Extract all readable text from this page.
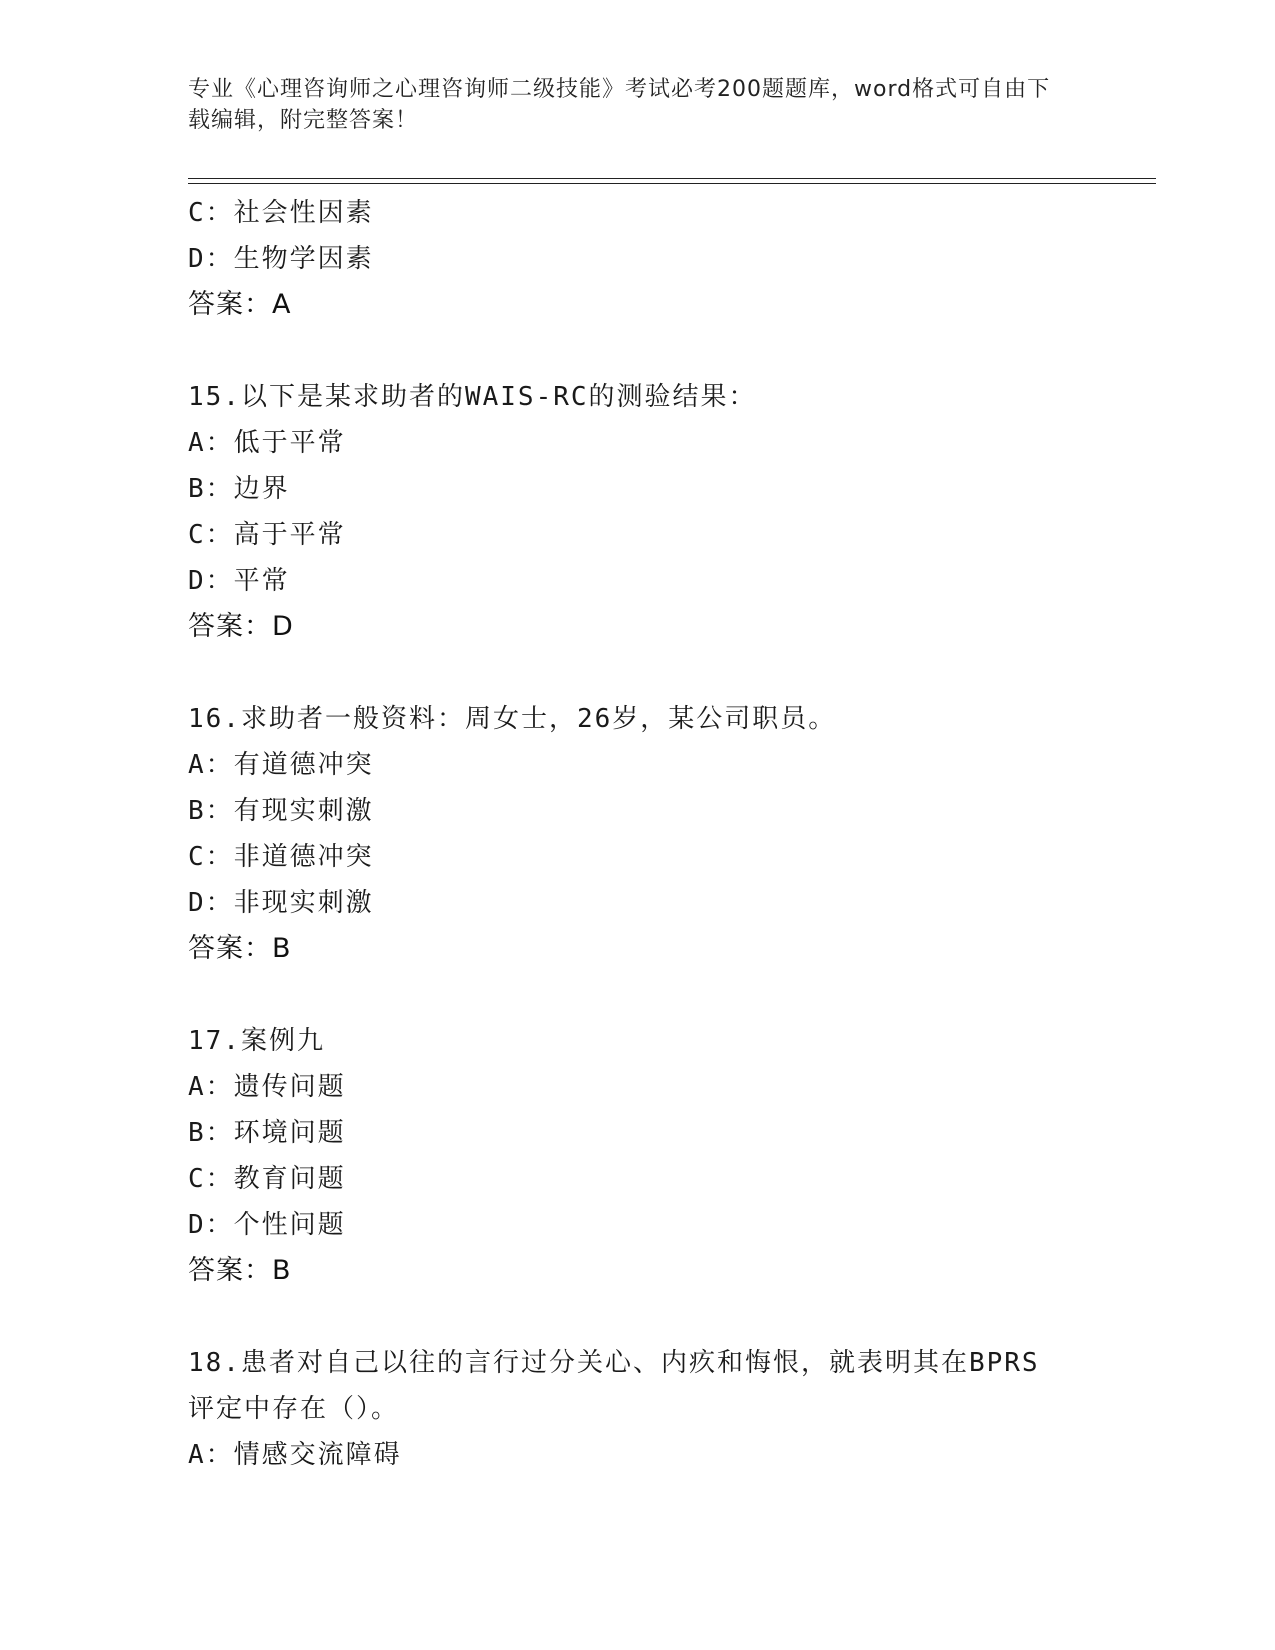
专业《心理咨询师之心理咨询师二级技能》考试必考200题题库，word格式可自由下载编辑，附完整答案！
C：社会性因素
D：生物学因素
答案：A
15.以下是某求助者的WAIS-RC的测验结果：
A：低于平常
B：边界
C：高于平常
D：平常
答案：D
16.求助者一般资料：周女士，26岁，某公司职员。
A：有道德冲突
B：有现实刺激
C：非道德冲突
D：非现实刺激
答案：B
17.案例九
A：遗传问题
B：环境问题
C：教育问题
D：个性问题
答案：B
18.患者对自己以往的言行过分关心、内疚和悔恨，就表明其在BPRS
评定中存在（）。
A：情感交流障碍
